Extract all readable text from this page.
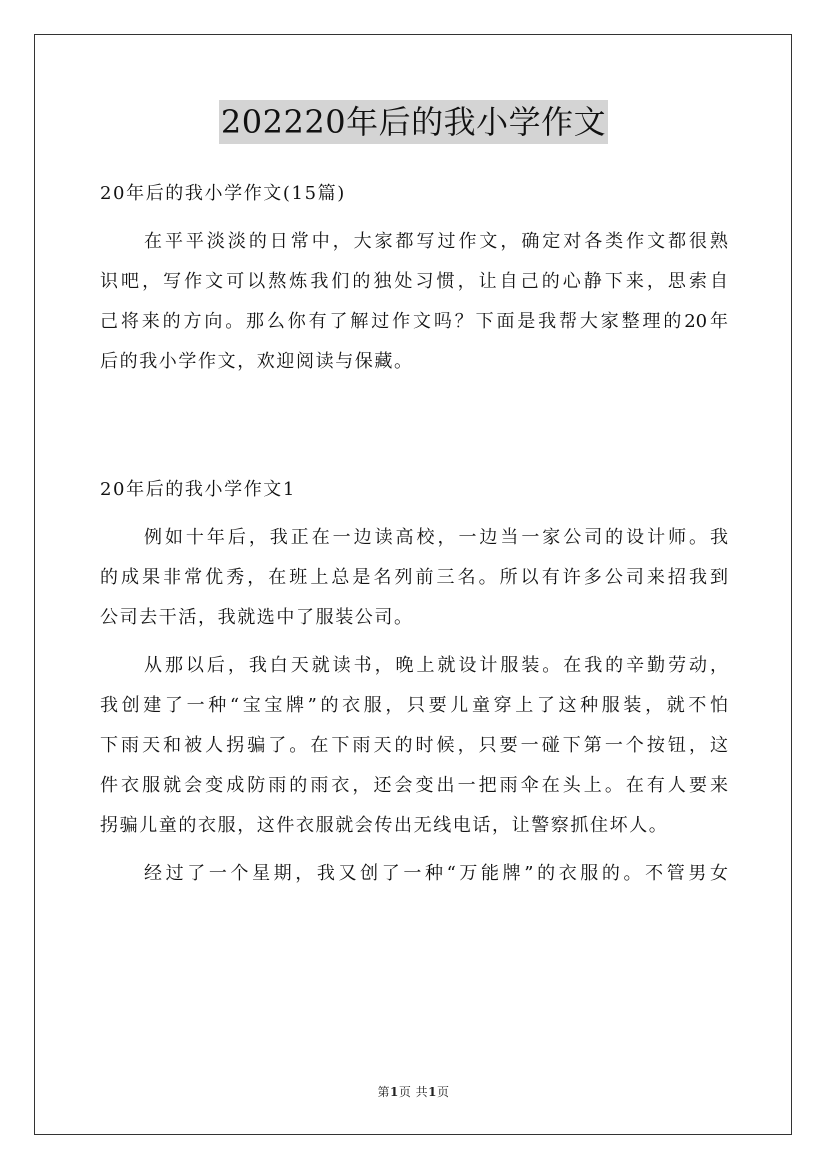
202220年后的我小学作文
20年后的我小学作文(15篇)
在平平淡淡的日常中，大家都写过作文，确定对各类作文都很熟
识吧，写作文可以熬炼我们的独处习惯，让自己的心静下来，思索自
己将来的方向。那么你有了解过作文吗？下面是我帮大家整理的20年
后的我小学作文，欢迎阅读与保藏。
20年后的我小学作文1
例如十年后，我正在一边读高校，一边当一家公司的设计师。我
的成果非常优秀，在班上总是名列前三名。所以有许多公司来招我到
公司去干活，我就选中了服装公司。
从那以后，我白天就读书，晚上就设计服装。在我的辛勤劳动，
我创建了一种“宝宝牌”的衣服，只要儿童穿上了这种服装，就不怕
下雨天和被人拐骗了。在下雨天的时候，只要一碰下第一个按钮，这
件衣服就会变成防雨的雨衣，还会变出一把雨伞在头上。在有人要来
拐骗儿童的衣服，这件衣服就会传出无线电话，让警察抓住坏人。
经过了一个星期，我又创了一种“万能牌”的衣服的。不管男女
第1页 共1页
